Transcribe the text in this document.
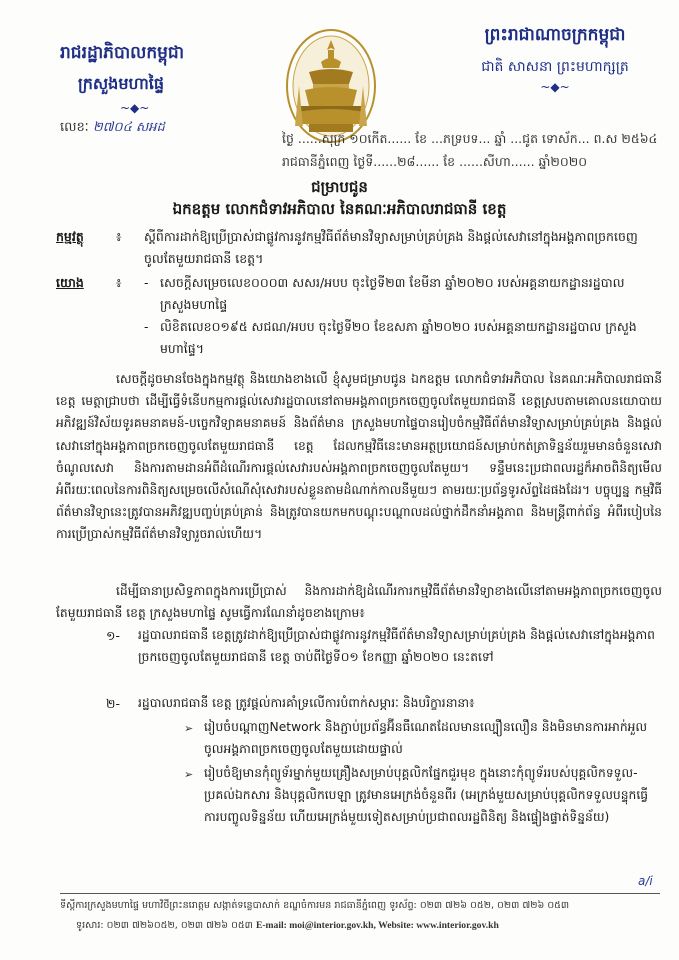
រាជរដ្ឋាភិបាលកម្ពុជា
ក្រសួងមហាផ្ទៃ
~◆~
លេខៈ ២៧០៤ សអដ
ព្រះរាជាណាចក្រកម្ពុជា
ជាតិ សាសនា ព្រះមហាក្សត្រ
~◆~
ថ្ងៃ ......សុក្រ ១០កើត...... ខែ ...ភទ្របទ... ឆ្នាំ ...ជូត ទោស័ក... ព.ស ២៥៦៤
រាជធានីភ្នំពេញ ថ្ងៃទី......២៨...... ខែ ......សីហា...... ឆ្នាំ២០២០
ជម្រាបជូន
ឯកឧត្តម លោកជំទាវអភិបាល នៃគណៈអភិបាលរាជធានី ខេត្ត
កម្មវត្ថុ	៖ ស្តីពីការដាក់ឱ្យប្រើប្រាស់ជាផ្លូវការនូវកម្មវិធីព័ត៌មានវិទ្យាសម្រាប់គ្រប់គ្រង និងផ្តល់សេវានៅក្នុងអង្គភាពច្រកចេញចូលតែមួយរាជធានី ខេត្ត។
យោង	៖ - សេចក្តីសម្រេចលេខ០០០៣ សសរ/អបប ចុះថ្ងៃទី២៣ ខែមីនា ឆ្នាំ២០២០ របស់អគ្គនាយកដ្ឋានរដ្ឋបាល ក្រសួងមហាផ្ទៃ
- លិខិតលេខ០១៩៥ សជណ/អបប ចុះថ្ងៃទី២០ ខែឧសភា ឆ្នាំ២០២០ របស់អគ្គនាយកដ្ឋានរដ្ឋបាល ក្រសួងមហាផ្ទៃ។
សេចក្តីដូចមានចែងក្នុងកម្មវត្ថុ និងយោងខាងលើ ខ្ញុំសូមជម្រាបជូន ឯកឧត្តម លោកជំទាវអភិបាល នៃគណៈអភិបាលរាជធានី ខេត្ត មេត្តាជ្រាបថា ដើម្បីធ្វើទំនើបកម្មការផ្តល់សេវារដ្ឋបាលនៅតាមអង្គភាពច្រកចេញចូលតែមួយរាជធានី ខេត្តស្របតាមគោលនយោបាយអភិវឌ្ឍន៍វិស័យទូរគមនាគមន៍-បច្ចេកវិទ្យាគមនាគមន៍ និងព័ត៌មាន ក្រសួងមហាផ្ទៃបានរៀបចំកម្មវិធីព័ត៌មានវិទ្យាសម្រាប់គ្រប់គ្រង និងផ្តល់សេវានៅក្នុងអង្គភាពច្រកចេញចូលតែមួយរាជធានី ខេត្ត ដែលកម្មវិធីនេះមានអត្ថប្រយោជន៍សម្រាប់កត់ត្រាទិន្នន័យរួមមានចំនួនសេវា ចំណូលសេវា និងការតាមដានអំពីដំណើរការផ្តល់សេវារបស់អង្គភាពច្រកចេញចូលតែមួយ។ ទន្ទឹមនេះប្រជាពលរដ្ឋក៏អាចពិនិត្យមើលអំពីរយៈពេលនៃការពិនិត្យសម្រេចលើសំណើសុំសេវារបស់ខ្លួនតាមដំណាក់កាលនីមួយៗ តាមរយៈប្រព័ន្ធទូរស័ព្ទដៃផងដែរ។ បច្ចុប្បន្ន កម្មវិធីព័ត៌មានវិទ្យានេះត្រូវបានអភិវឌ្ឍបញ្ចប់គ្រប់គ្រាន់ និងត្រូវបានយកមកបណ្តុះបណ្តាលដល់ថ្នាក់ដឹកនាំអង្គភាព និងមន្ត្រីពាក់ព័ន្ធ អំពីរបៀបនៃការប្រើប្រាស់កម្មវិធីព័ត៌មានវិទ្យារួចរាល់ហើយ។
ដើម្បីធានាប្រសិទ្ធភាពក្នុងការប្រើប្រាស់ និងការដាក់ឱ្យដំណើរការកម្មវិធីព័ត៌មានវិទ្យាខាងលើនៅតាមអង្គភាពច្រកចេញចូលតែមួយរាជធានី ខេត្ត ក្រសួងមហាផ្ទៃ សូមធ្វើការណែនាំដូចខាងក្រោម៖
១- រដ្ឋបាលរាជធានី ខេត្តត្រូវដាក់ឱ្យប្រើប្រាស់ជាផ្លូវការនូវកម្មវិធីព័ត៌មានវិទ្យាសម្រាប់គ្រប់គ្រង និងផ្តល់សេវានៅក្នុងអង្គភាពច្រកចេញចូលតែមួយរាជធានី ខេត្ត ចាប់ពីថ្ងៃទី០១ ខែកញ្ញា ឆ្នាំ២០២០ នេះតទៅ
២- រដ្ឋបាលរាជធានី ខេត្ត ត្រូវផ្តល់ការគាំទ្រលើការបំពាក់សម្ភារៈ និងបរិក្ខារនានា៖
➢ រៀបចំបណ្តាញNetwork និងភ្ជាប់ប្រព័ន្ធអ៊ីនធឺណេតដែលមានល្បឿនលឿន និងមិនមានការអាក់អួលចូលអង្គភាពច្រកចេញចូលតែមួយដោយផ្ទាល់
➢ រៀបចំឱ្យមានកុំព្យូទ័រម្នាក់មួយគ្រឿងសម្រាប់បុគ្គលិកផ្នែកជួរមុខ ក្នុងនោះកុំព្យូទ័ររបស់បុគ្គលិកទទួល-ប្រគល់ឯកសារ និងបុគ្គលិកបេឡា ត្រូវមានអេក្រង់ចំនួនពីរ (អេក្រង់មួយសម្រាប់បុគ្គលិកទទួលបន្ទុកធ្វើការបញ្ចូលទិន្នន័យ ហើយអេក្រង់មួយទៀតសម្រាប់ប្រជាពលរដ្ឋពិនិត្យ និងផ្ទៀងផ្ទាត់ទិន្នន័យ)
a/i
ទីស្តីការក្រសួងមហាផ្ទៃ មហាវិថីព្រះនរោត្តម សង្កាត់ទន្លេបាសាក់ ខណ្ឌចំការមន រាជធានីភ្នំពេញ ទូរស័ព្ទ: ០២៣ ៧២៦ ០៥២, ០២៣ ៧២៦ ០៥៣
ទូរសារ: ០២៣ ៧២៦០៥២, ០២៣ ៧២៦ ០៥៣ E-mail: moi@interior.gov.kh, Website: www.interior.gov.kh
